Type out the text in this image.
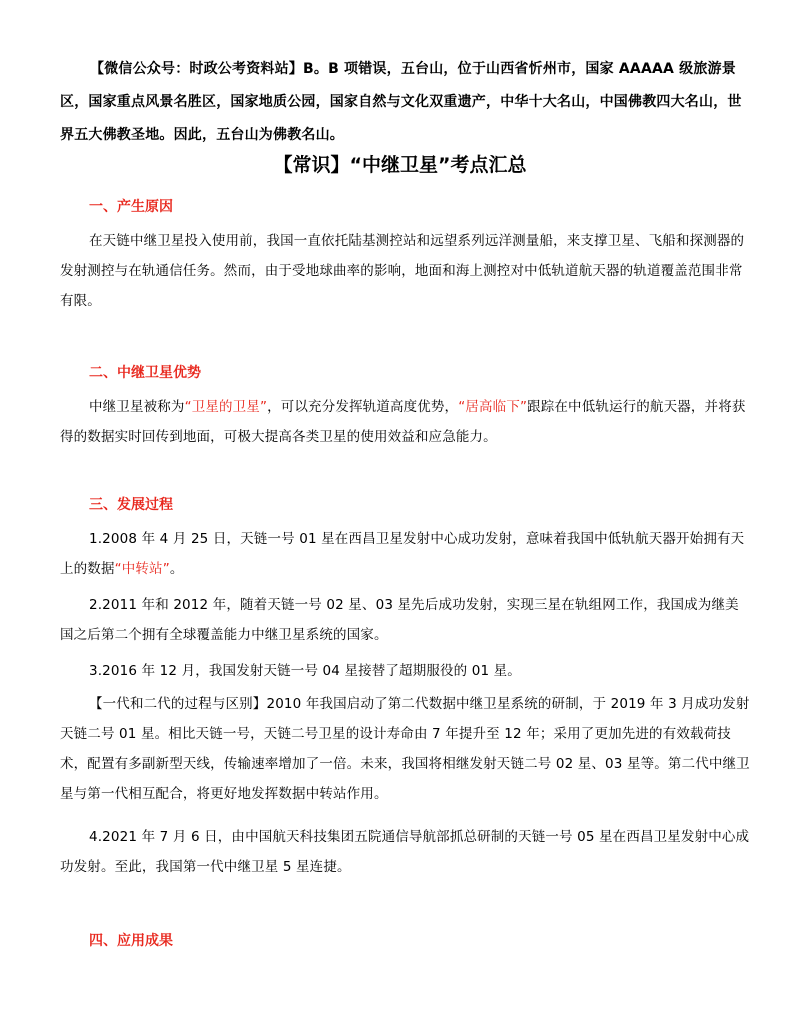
【微信公众号：时政公考资料站】B。B 项错误，五台山，位于山西省忻州市，国家 AAAAA 级旅游景区，国家重点风景名胜区，国家地质公园，国家自然与文化双重遗产，中华十大名山，中国佛教四大名山，世界五大佛教圣地。因此，五台山为佛教名山。

【常识】“中继卫星”考点汇总
一、产生原因

在天链中继卫星投入使用前，我国一直依托陆基测控站和远望系列远洋测量船，来支撑卫星、飞船和探测器的发射测控与在轨通信任务。然而，由于受地球曲率的影响，地面和海上测控对中低轨道航天器的轨道覆盖范围非常有限。

二、中继卫星优势

中继卫星被称为“卫星的卫星”，可以充分发挥轨道高度优势，“居高临下”跟踪在中低轨运行的航天器，并将获得的数据实时回传到地面，可极大提高各类卫星的使用效益和应急能力。

三、发展过程

1.2008 年 4 月 25 日，天链一号 01 星在西昌卫星发射中心成功发射，意味着我国中低轨航天器开始拥有天上的数据“中转站”。

2.2011 年和 2012 年，随着天链一号 02 星、03 星先后成功发射，实现三星在轨组网工作，我国成为继美国之后第二个拥有全球覆盖能力中继卫星系统的国家。

3.2016 年 12 月，我国发射天链一号 04 星接替了超期服役的 01 星。

【一代和二代的过程与区别】2010 年我国启动了第二代数据中继卫星系统的研制，于 2019 年 3 月成功发射天链二号 01 星。相比天链一号，天链二号卫星的设计寿命由 7 年提升至 12 年；采用了更加先进的有效载荷技术，配置有多副新型天线，传输速率增加了一倍。未来，我国将相继发射天链二号 02 星、03 星等。第二代中继卫星与第一代相互配合，将更好地发挥数据中转站作用。

4.2021 年 7 月 6 日，由中国航天科技集团五院通信导航部抓总研制的天链一号 05 星在西昌卫星发射中心成功发射。至此，我国第一代中继卫星 5 星连捷。

四、应用成果
